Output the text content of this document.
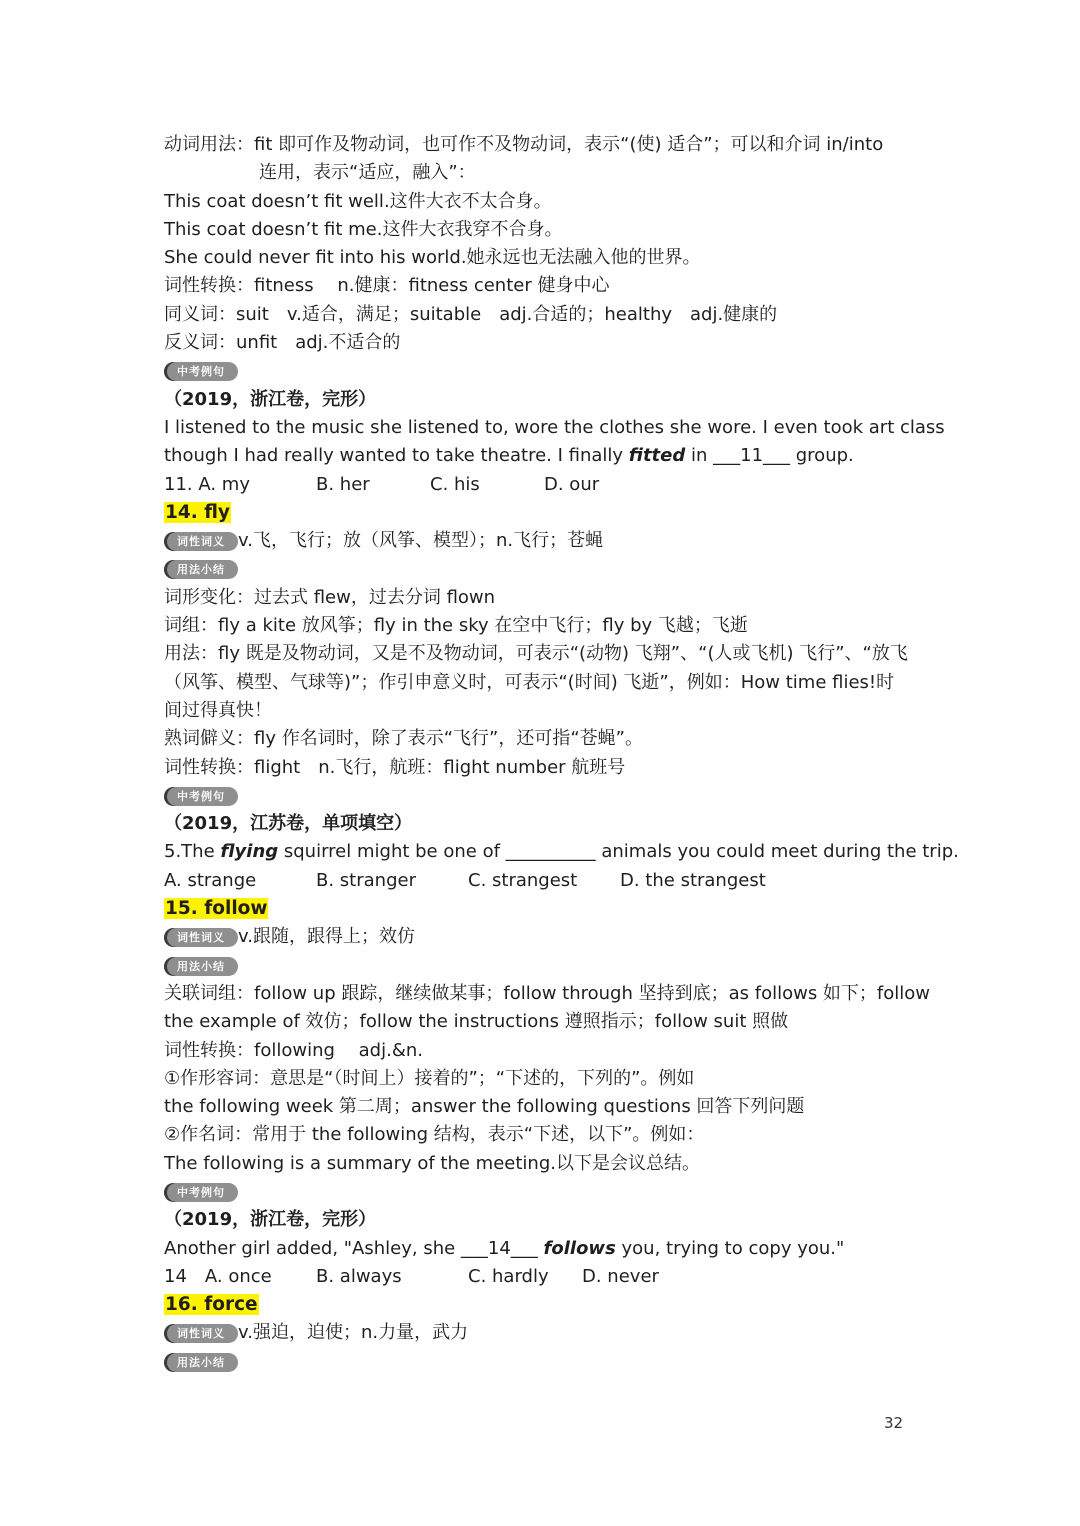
动词用法：fit 即可作及物动词，也可作不及物动词，表示“(使) 适合”；可以和介词 in/into
连用，表示“适应，融入”：
This coat doesn’t fit well.这件大衣不太合身。
This coat doesn’t fit me.这件大衣我穿不合身。
She could never fit into his world.她永远也无法融入他的世界。
词性转换：fitness　 n.健康：fitness center 健身中心
同义词：suit　v.适合，满足；suitable　adj.合适的；healthy　adj.健康的
反义词：unfit　adj.不适合的
中考例句
（2019，浙江卷，完形）
I listened to the music she listened to, wore the clothes she wore. I even took art class
though I had really wanted to take theatre. I finally fitted in ___11___ group.
11. A. my	B. her	C. his	D. our
14. fly
词性词义 v.飞，飞行；放（风筝、模型）；n.飞行；苍蝇
用法小结
词形变化：过去式 flew，过去分词 flown
词组：fly a kite 放风筝；fly in the sky 在空中飞行；fly by 飞越；飞逝
用法：fly 既是及物动词，又是不及物动词，可表示“(动物) 飞翔”、“(人或飞机) 飞行”、“放飞
（风筝、模型、气球等)”；作引申意义时，可表示“(时间) 飞逝”，例如：How time flies!时
间过得真快！
熟词僻义：fly 作名词时，除了表示“飞行”，还可指“苍蝇”。
词性转换：flight　n.飞行，航班：flight number 航班号
中考例句
（2019，江苏卷，单项填空）
5.The flying squirrel might be one of __________ animals you could meet during the trip.
A. strange	B. stranger	C. strangest D. the strangest
15. follow
词性词义 v.跟随，跟得上；效仿
用法小结
关联词组：follow up 跟踪，继续做某事；follow through 坚持到底；as follows 如下；follow
the example of 效仿；follow the instructions 遵照指示；follow suit 照做
词性转换：following　 adj.&n.
①作形容词：意思是“（时间上）接着的”；“下述的，下列的”。例如
the following week 第二周；answer the following questions 回答下列问题
②作名词：常用于 the following 结构，表示“下述，以下”。例如：
The following is a summary of the meeting.以下是会议总结。
中考例句
（2019，浙江卷，完形）
Another girl added, "Ashley, she ___14___ follows you, trying to copy you."
14　A. once B. always	C. hardly D. never
16. force
词性词义 v.强迫，迫使；n.力量，武力
用法小结
32
